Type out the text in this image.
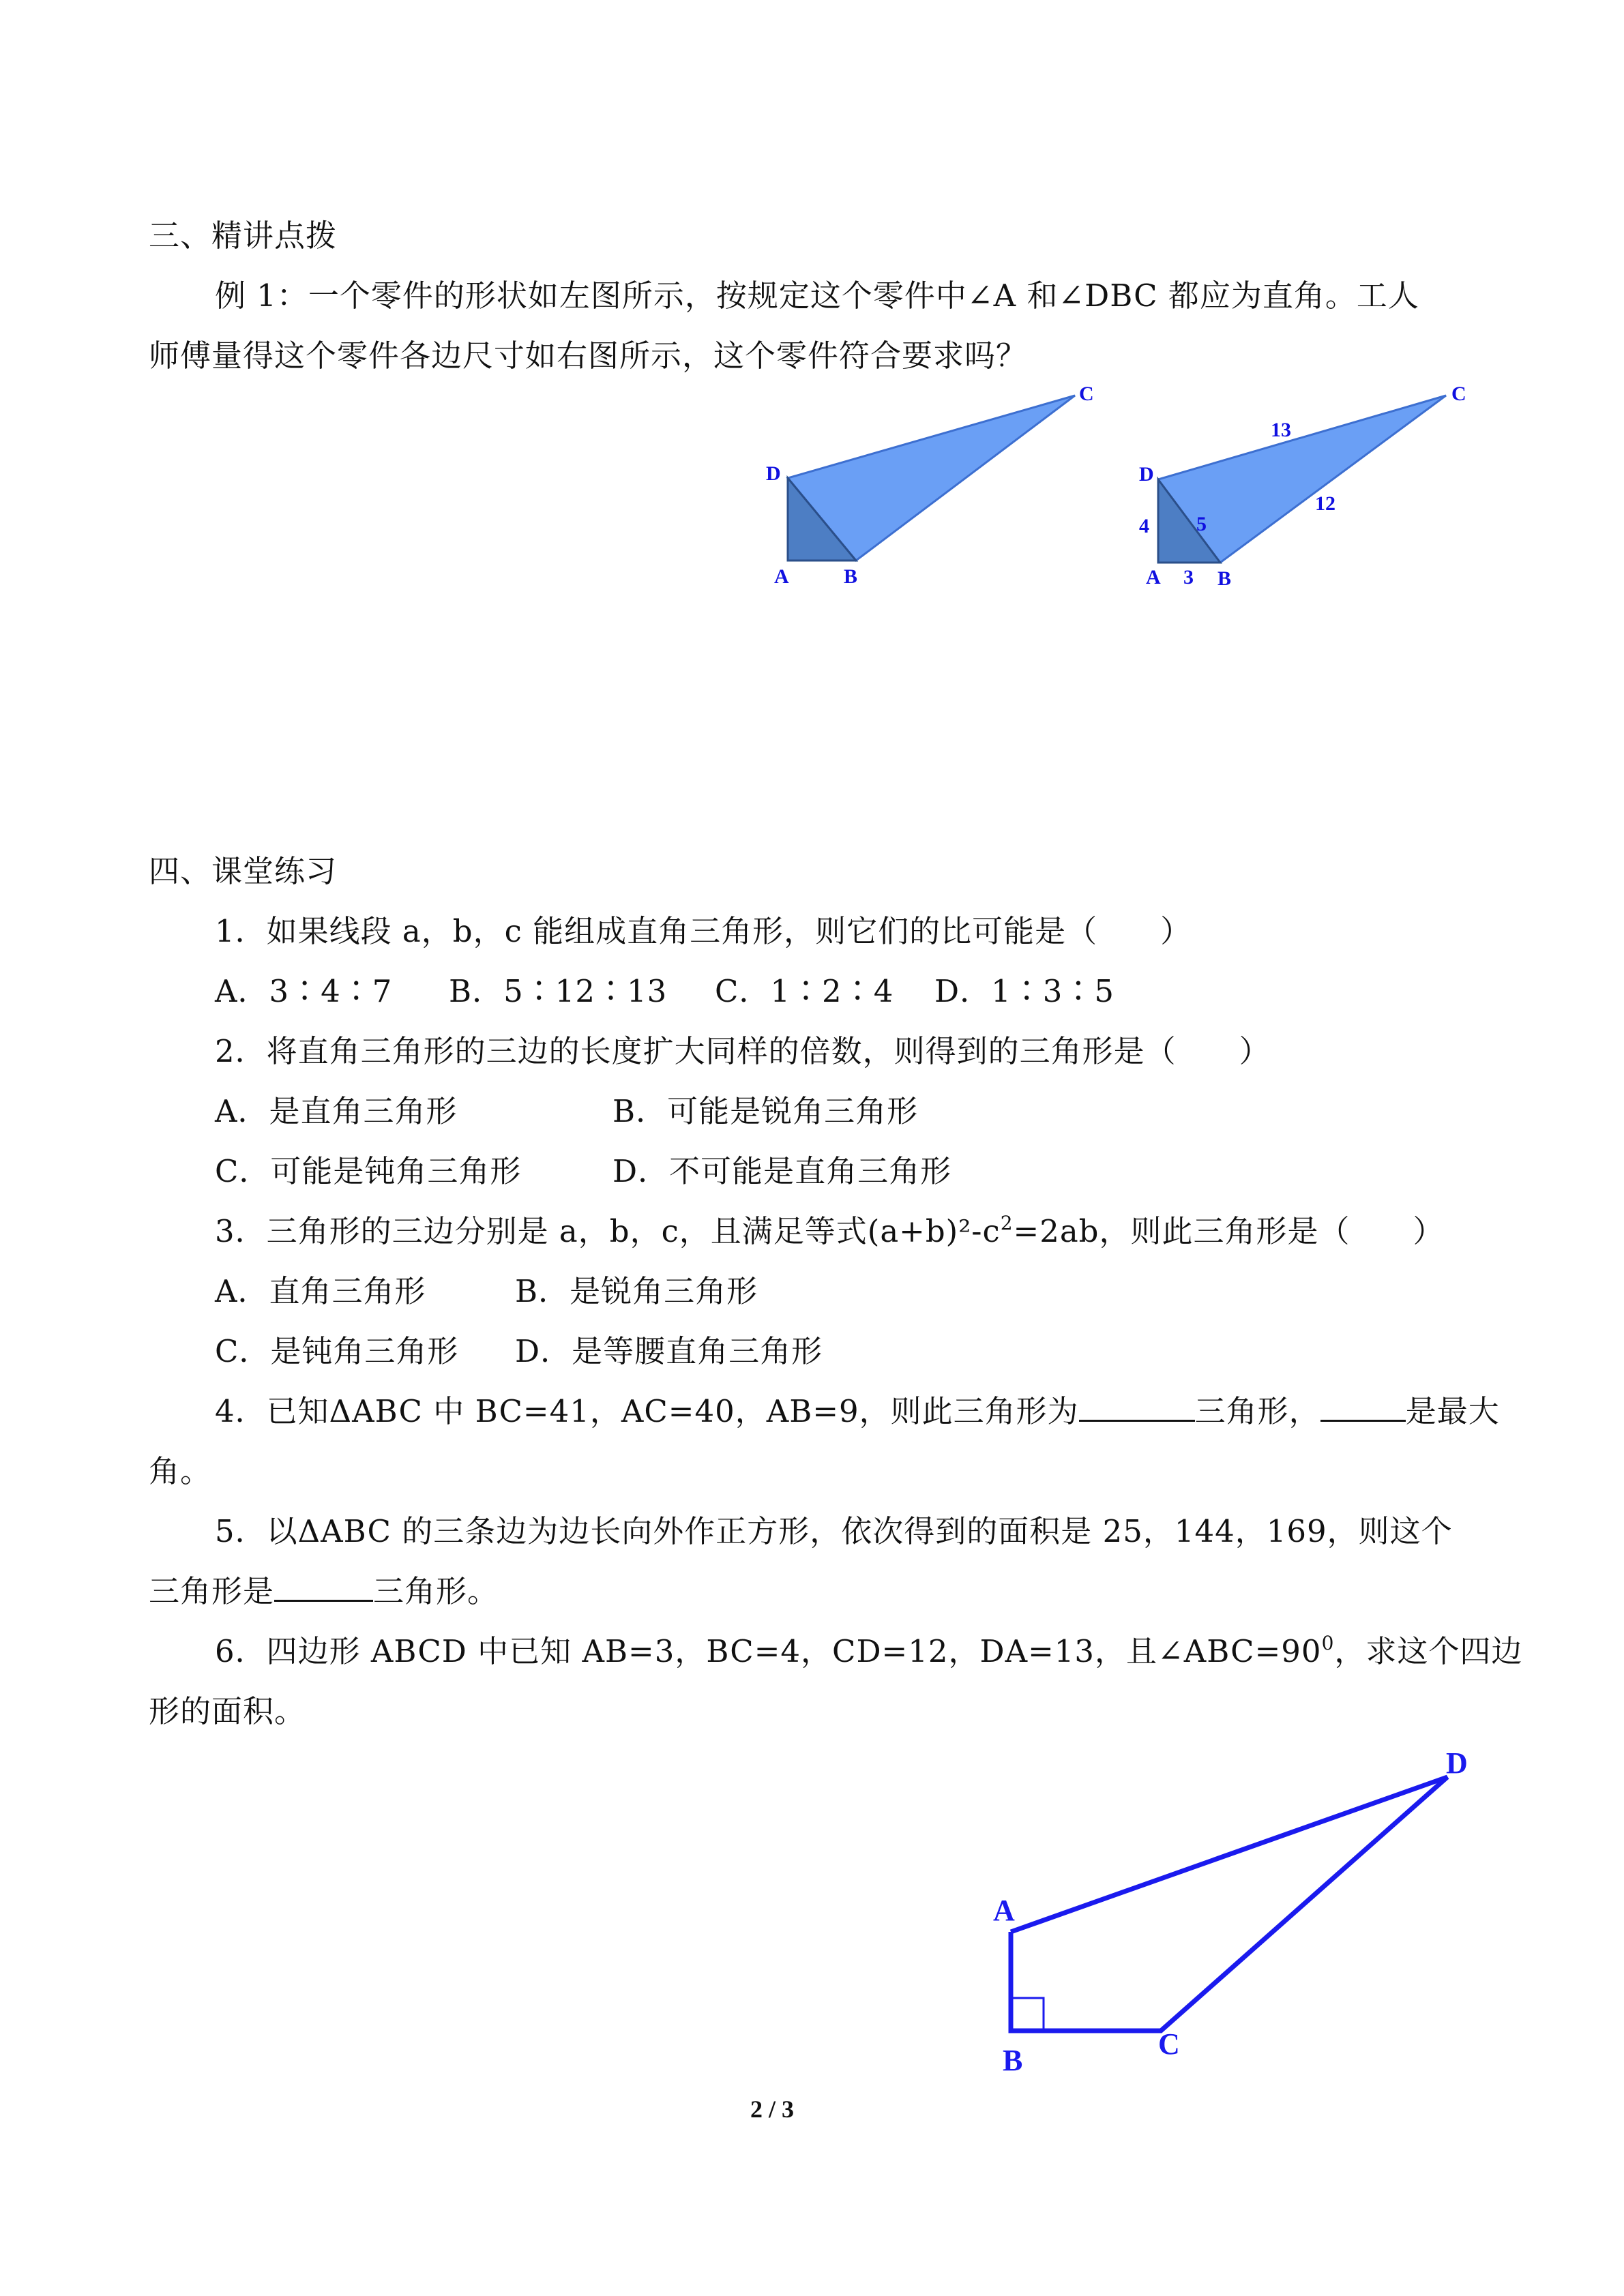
三、精讲点拨
例 1：一个零件的形状如左图所示，按规定这个零件中∠A 和∠DBC 都应为直角。工人
师傅量得这个零件各边尺寸如右图所示，这个零件符合要求吗？
D
A	B
C
D
A	B
C
4
3
5
12
13
四、课堂练习
1．如果线段 a，b，c 能组成直角三角形，则它们的比可能是（　　）
A．3∶4∶7 B．5∶12∶13 C．1∶2∶4 D．1∶3∶5
2．将直角三角形的三边的长度扩大同样的倍数，则得到的三角形是（　　）
A．是直角三角形	B．可能是锐角三角形
C．可能是钝角三角形	D．不可能是直角三角形
3．三角形的三边分别是 a，b，c，且满足等式$(a+b)^2-c^2=2ab$，则此三角形是（　　）
A．直角三角形	B．是锐角三角形
C．是钝角三角形 D．是等腰直角三角形
4．已知ΔABC 中 BC=41，AC=40，AB=9，则此三角形为	三角形，	是最大
角。
5．以ΔABC 的三条边为边长向外作正方形，依次得到的面积是 25，144，169，则这个
三角形是	三角形。
6．四边形 ABCD 中已知 AB=3，BC=4，CD=12，DA=13，且$\angle ABC=90^0$，求这个四边
形的面积。
A
B	C
D
2 / 3
